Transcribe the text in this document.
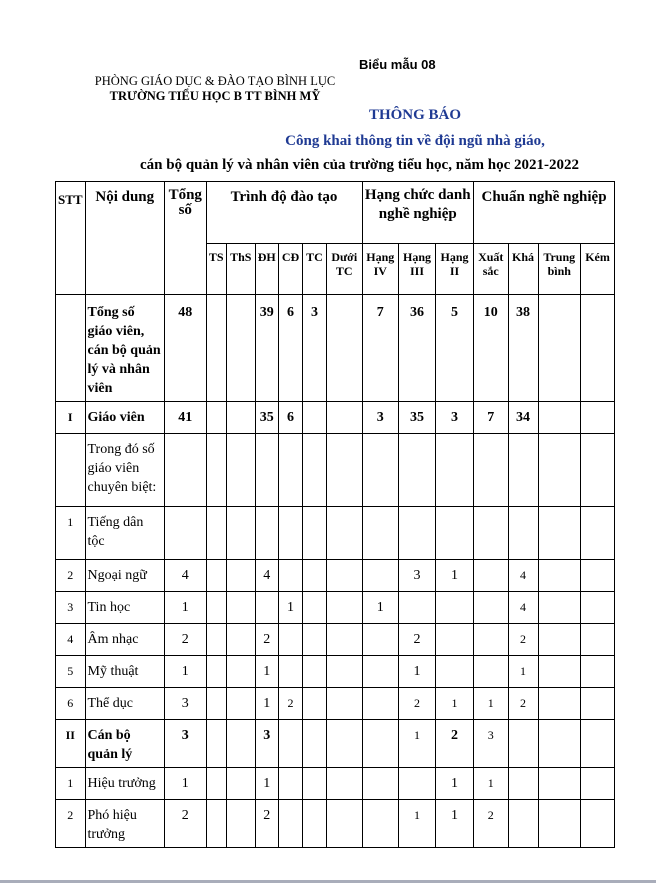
Biểu mẫu 08
PHÒNG GIÁO DỤC & ĐÀO TẠO BÌNH LỤC
TRƯỜNG TIỂU HỌC B TT BÌNH MỸ
THÔNG BÁO
Công khai thông tin về đội ngũ nhà giáo,
cán bộ quản lý và nhân viên của trường tiểu học, năm học 2021-2022
STT	Nội dung	Tổng số	Trình độ đào tạo						Hạng chức danh nghề nghiệp			Chuẩn nghề nghiệp			
			TS	ThS	ĐH	CĐ	TC	Dưới TC	Hạng IV	Hạng III	Hạng II	Xuất sắc	Khá	Trung bình	Kém
	Tổng số giáo viên, cán bộ quản lý và nhân viên	48			39	6	3		7	36	5	10	38		
I	Giáo viên	41			35	6			3	35	3	7	34		
	Trong đó số giáo viên chuyên biệt:														
1	Tiếng dân tộc														
2	Ngoại ngữ	4			4					3	1		4		
3	Tin học	1				1			1				4		
4	Âm nhạc	2			2					2			2		
5	Mỹ thuật	1			1					1			1		
6	Thể dục	3			1	2				2	1	1	2		
II	Cán bộ quản lý	3			3					1	2	3			
1	Hiệu trưởng	1			1						1	1			
2	Phó hiệu trưởng	2			2					1	1	2			
